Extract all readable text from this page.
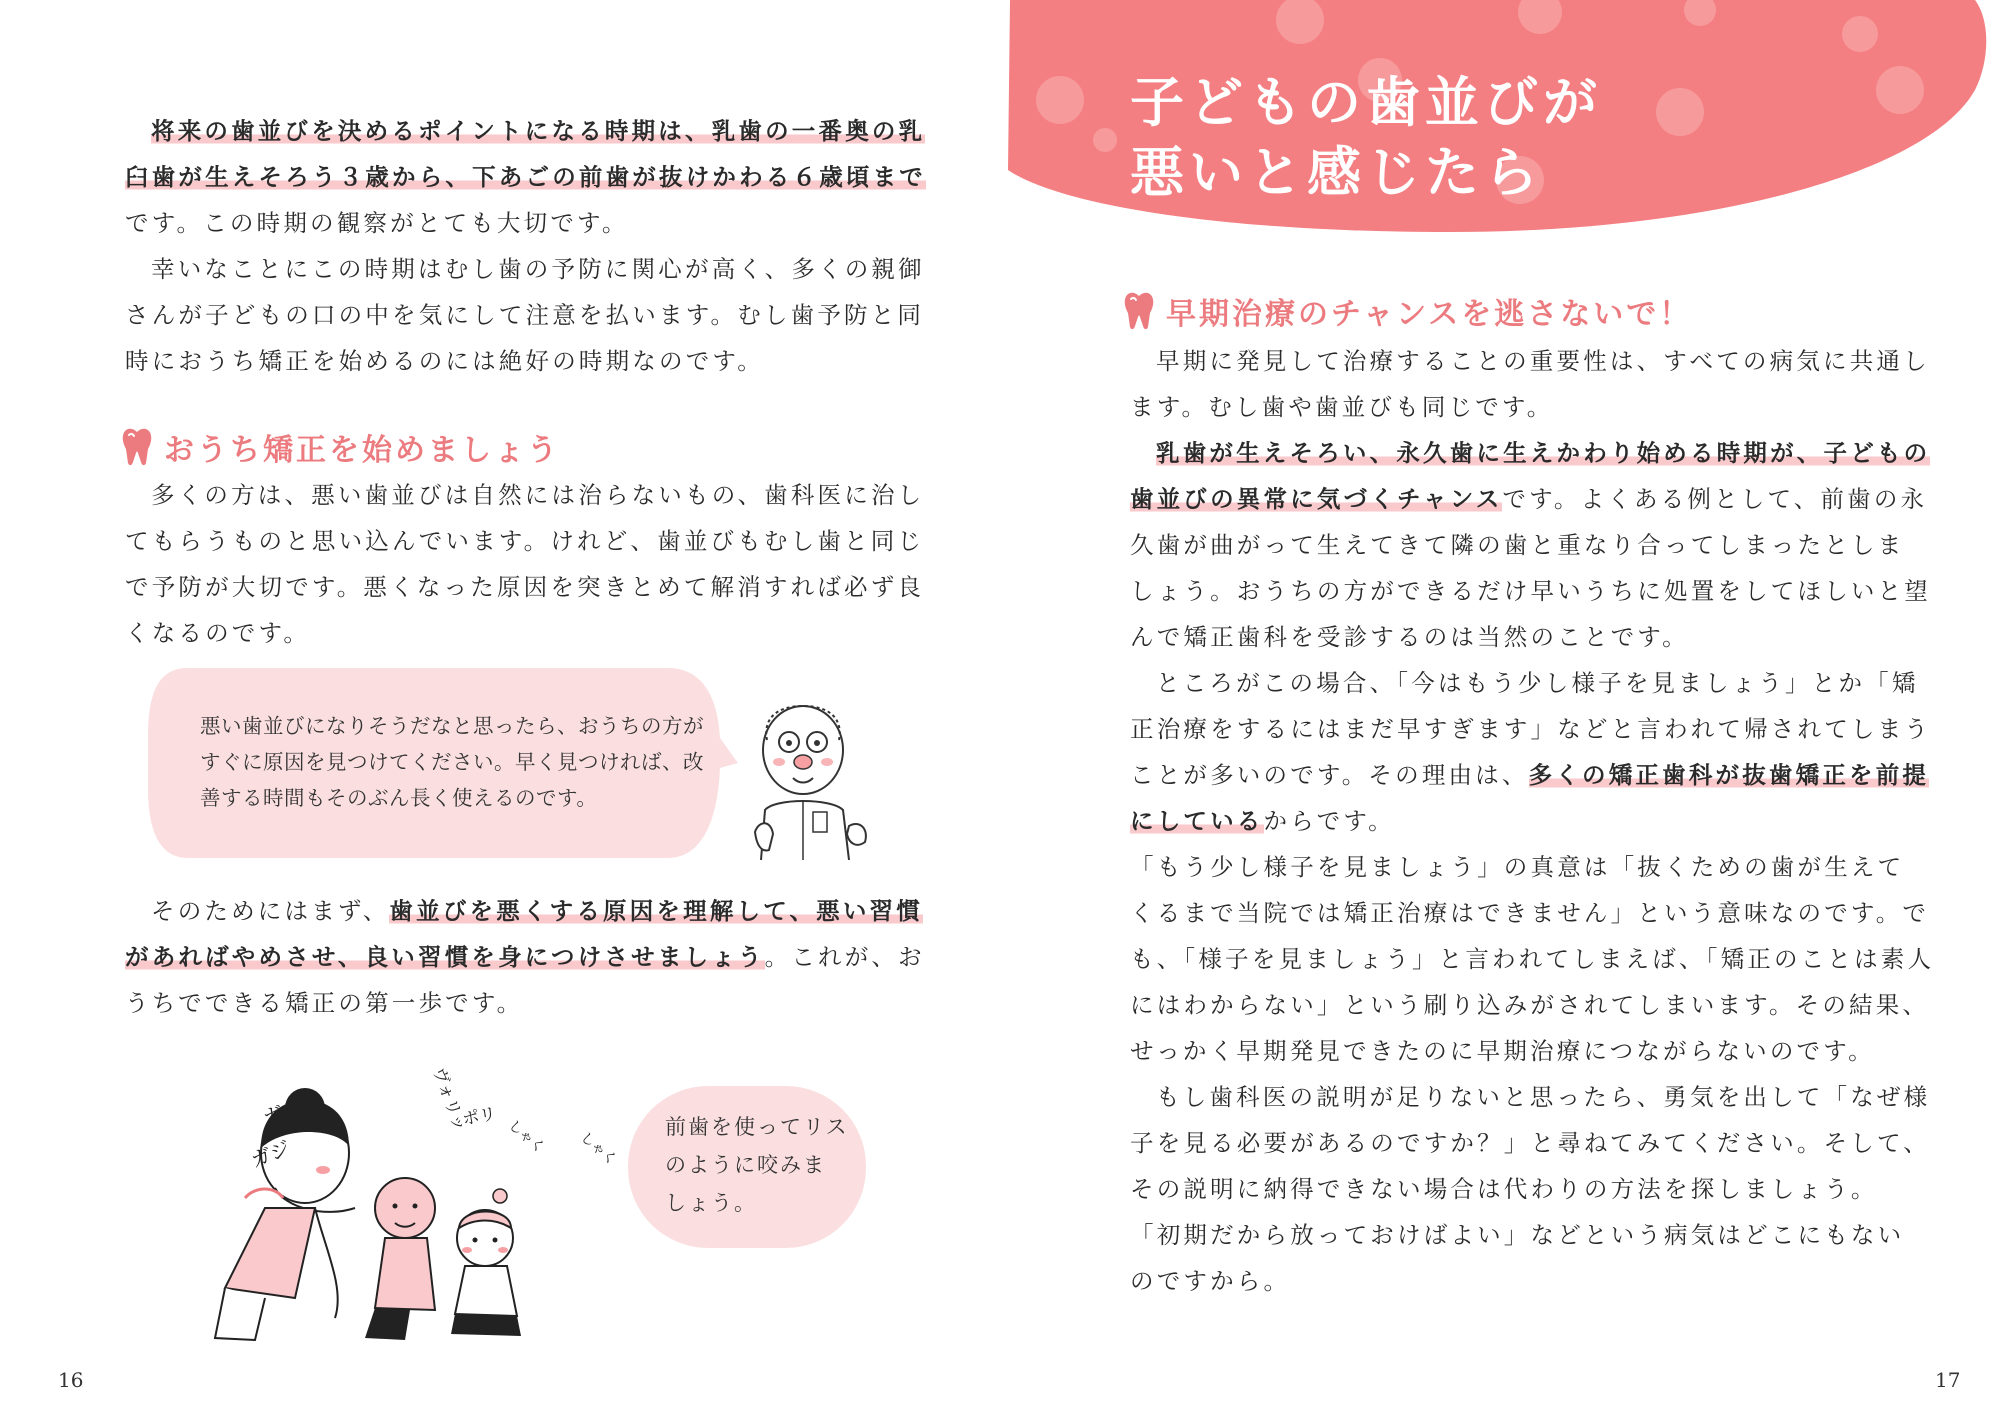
将来の歯並びを決めるポイントになる時期は、乳歯の一番奥の乳
臼歯が生えそろう３歳から、下あごの前歯が抜けかわる６歳頃まで
です。この時期の観察がとても大切です。
幸いなことにこの時期はむし歯の予防に関心が高く、多くの親御
さんが子どもの口の中を気にして注意を払います。むし歯予防と同
時におうち矯正を始めるのには絶好の時期なのです。
おうち矯正を始めましょう
多くの方は、悪い歯並びは自然には治らないもの、歯科医に治し
てもらうものと思い込んでいます。けれど、歯並びもむし歯と同じ
で予防が大切です。悪くなった原因を突きとめて解消すれば必ず良
くなるのです。
悪い歯並びになりそうだなと思ったら、おうちの方が
すぐに原因を見つけてください。早く見つければ、改
善する時間もそのぶん長く使えるのです。
そのためにはまず、歯並びを悪くする原因を理解して、悪い習慣
があればやめさせ、良い習慣を身につけさせましょう。これが、お
うちでできる矯正の第一歩です。
ガジ
ガジ
ヴォリッ
ポリ
しゃく しゃく
前歯を使ってリス
のように咬みま
しょう。
16
子どもの歯並びが
悪いと感じたら
早期治療のチャンスを逃さないで！
早期に発見して治療することの重要性は、すべての病気に共通し
ます。むし歯や歯並びも同じです。
乳歯が生えそろい、永久歯に生えかわり始める時期が、子どもの
歯並びの異常に気づくチャンスです。よくある例として、前歯の永
久歯が曲がって生えてきて隣の歯と重なり合ってしまったとしま
しょう。おうちの方ができるだけ早いうちに処置をしてほしいと望
んで矯正歯科を受診するのは当然のことです。
ところがこの場合、「今はもう少し様子を見ましょう」とか「矯
正治療をするにはまだ早すぎます」などと言われて帰されてしまう
ことが多いのです。その理由は、多くの矯正歯科が抜歯矯正を前提
にしているからです。
「もう少し様子を見ましょう」の真意は「抜くための歯が生えて
くるまで当院では矯正治療はできません」という意味なのです。で
も、「様子を見ましょう」と言われてしまえば、「矯正のことは素人
にはわからない」という刷り込みがされてしまいます。その結果、
せっかく早期発見できたのに早期治療につながらないのです。
もし歯科医の説明が足りないと思ったら、勇気を出して「なぜ様
子を見る必要があるのですか？」と尋ねてみてください。そして、
その説明に納得できない場合は代わりの方法を探しましょう。
「初期だから放っておけばよい」などという病気はどこにもない
のですから。
17
